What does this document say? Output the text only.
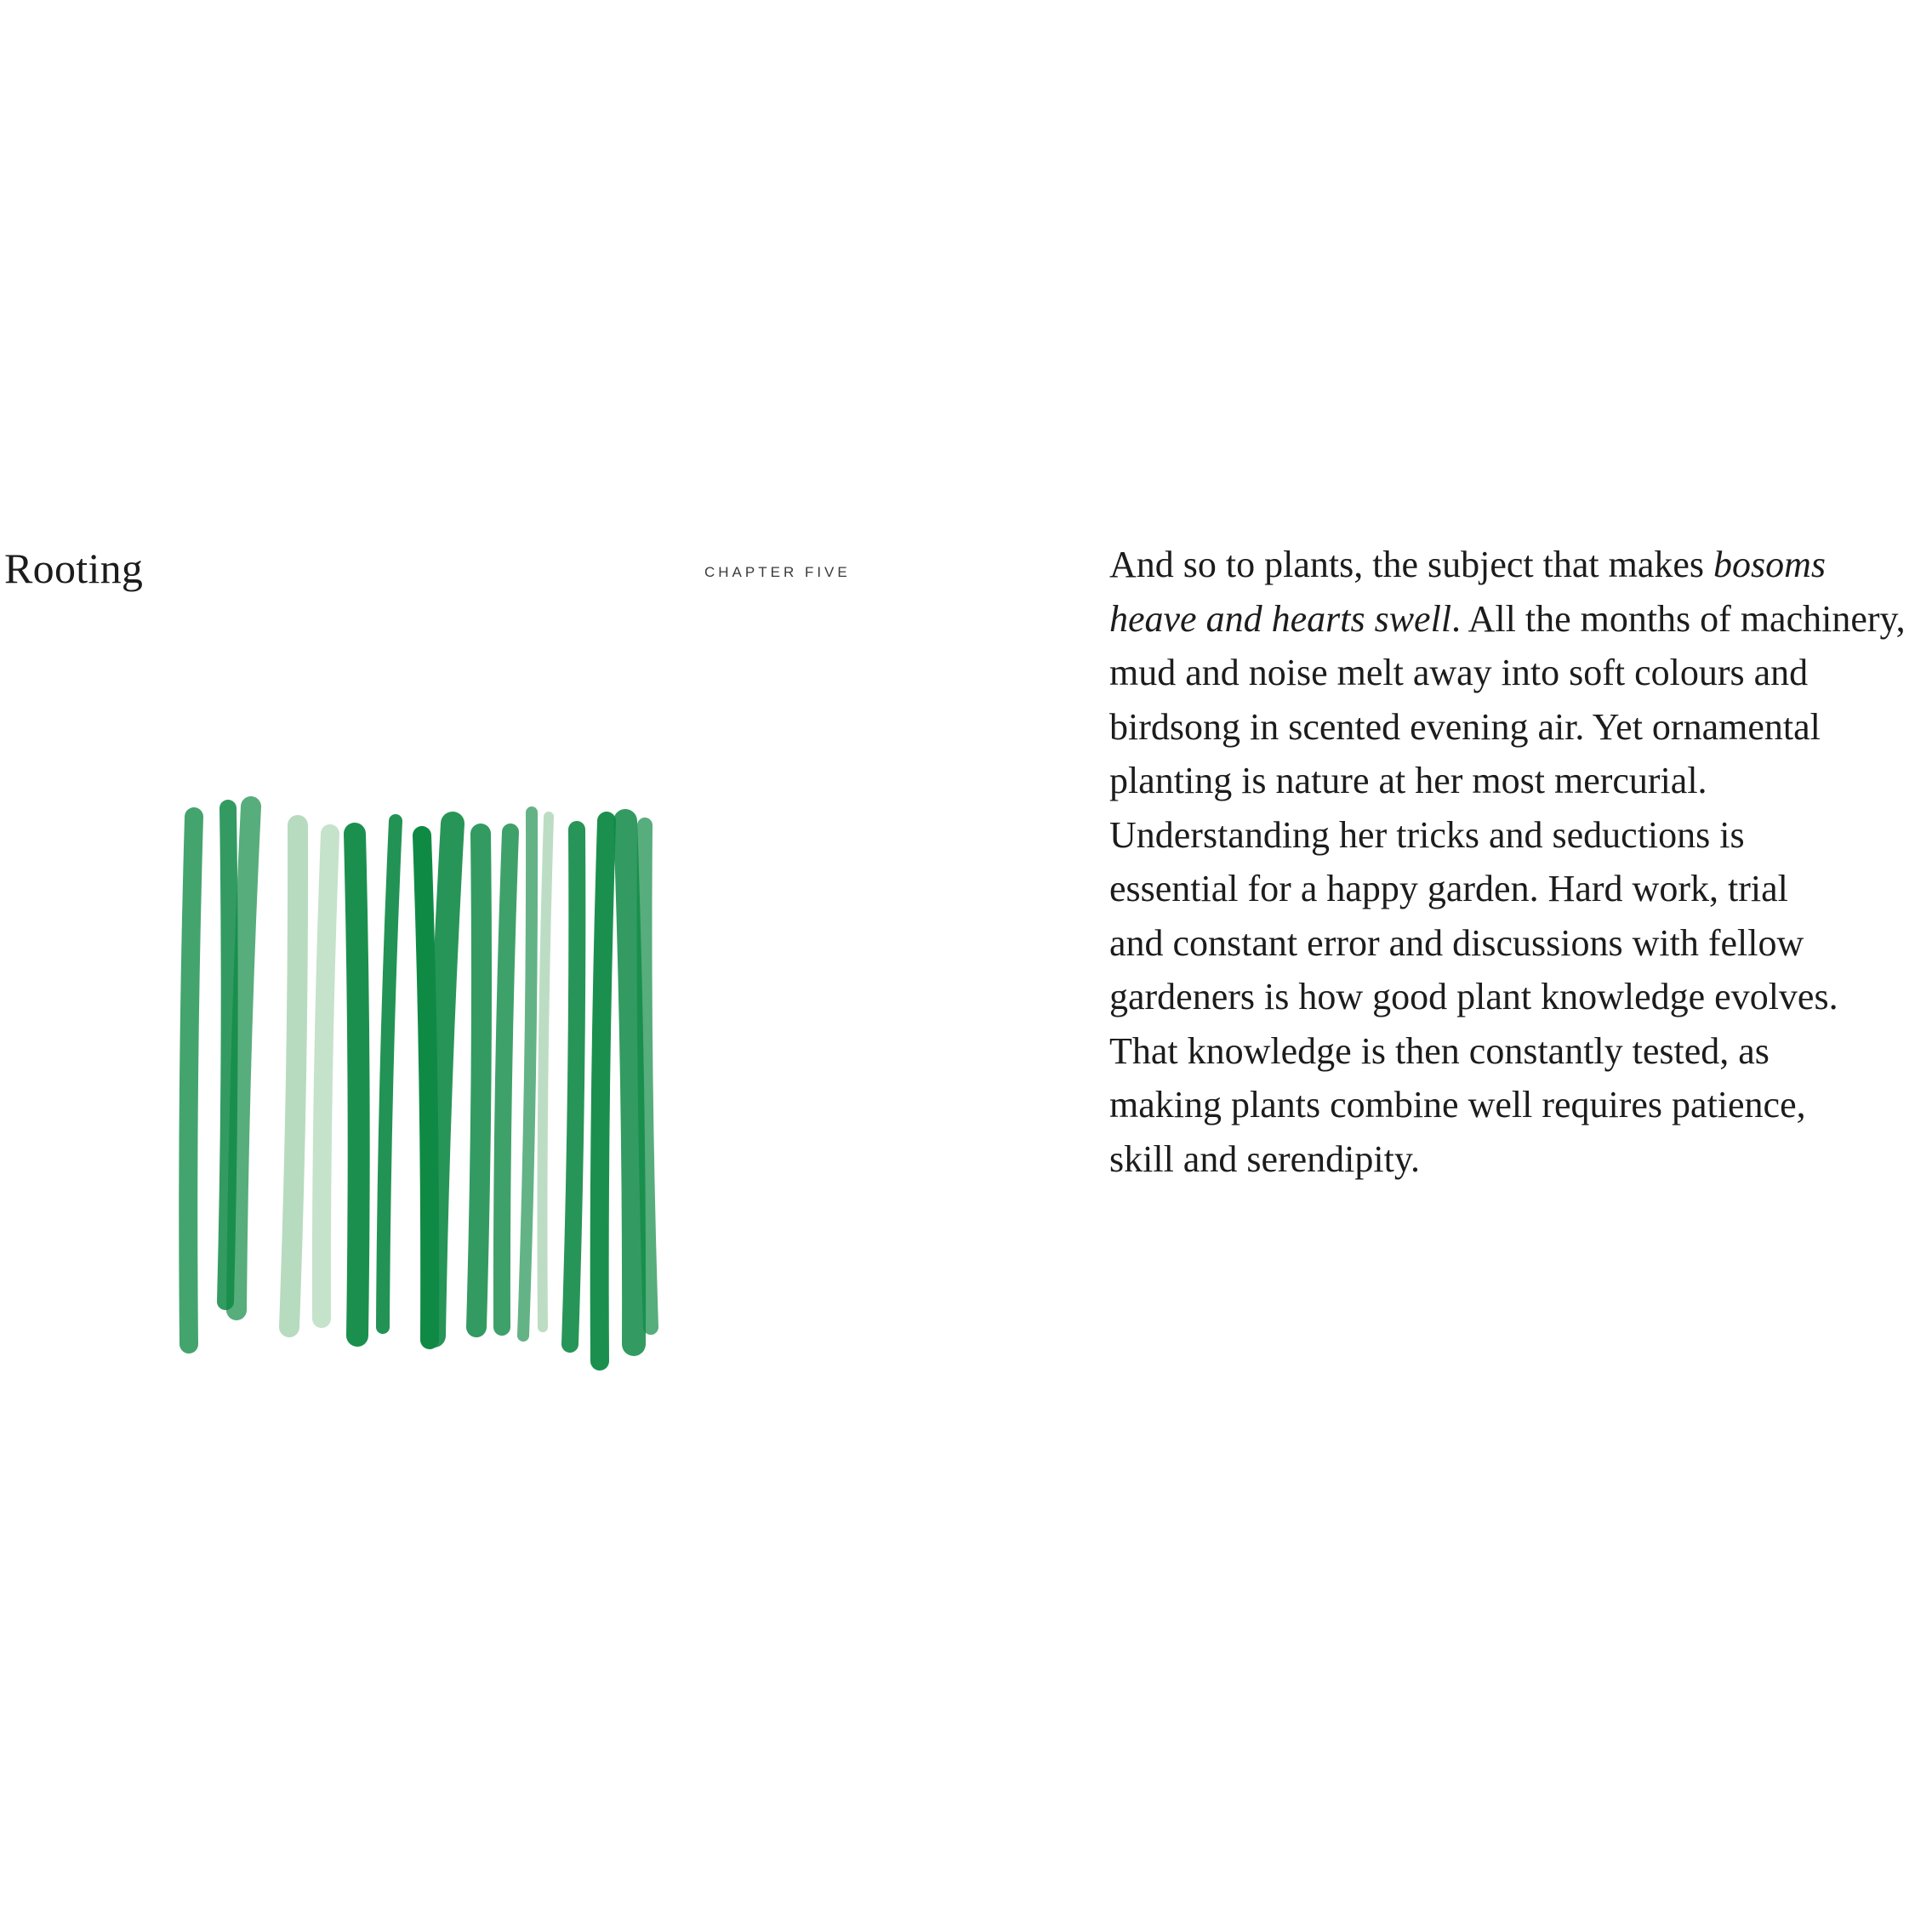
Rooting	CHAPTER FIVE	And so to plants, the subject that makes bosoms
heave and hearts swell. All the months of machinery,
mud and noise melt away into soft colours and
birdsong in scented evening air. Yet ornamental
planting is nature at her most mercurial.
Understanding her tricks and seductions is
essential for a happy garden. Hard work, trial
and constant error and discussions with fellow
gardeners is how good plant knowledge evolves.
That knowledge is then constantly tested, as
making plants combine well requires patience,
skill and serendipity.
